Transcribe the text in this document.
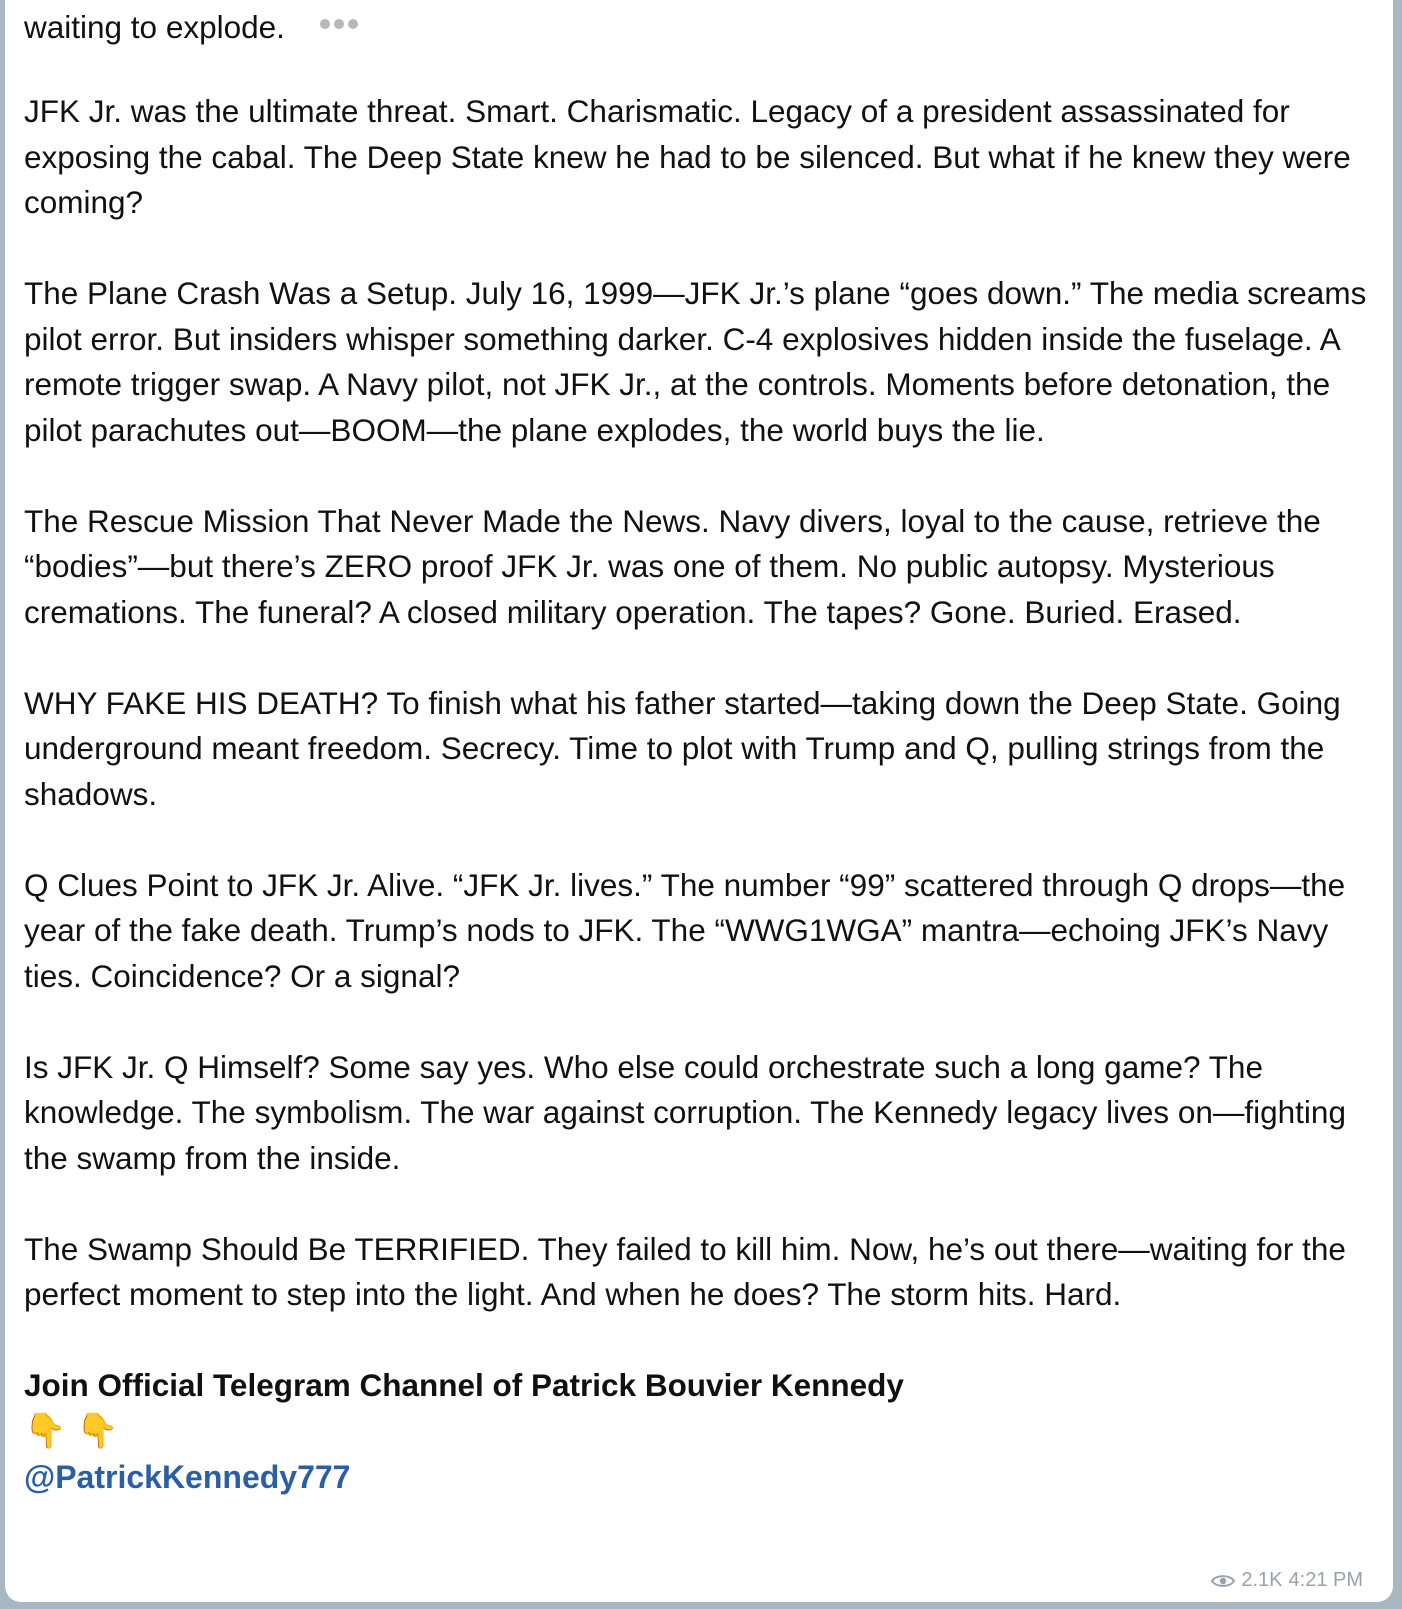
waiting to explode.

JFK Jr. was the ultimate threat. Smart. Charismatic. Legacy of a president assassinated for exposing the cabal. The Deep State knew he had to be silenced. But what if he knew they were coming?

The Plane Crash Was a Setup. July 16, 1999—JFK Jr.’s plane “goes down.” The media screams pilot error. But insiders whisper something darker. C-4 explosives hidden inside the fuselage. A remote trigger swap. A Navy pilot, not JFK Jr., at the controls. Moments before detonation, the pilot parachutes out—BOOM—the plane explodes, the world buys the lie.

The Rescue Mission That Never Made the News. Navy divers, loyal to the cause, retrieve the “bodies”—but there’s ZERO proof JFK Jr. was one of them. No public autopsy. Mysterious cremations. The funeral? A closed military operation. The tapes? Gone. Buried. Erased.

WHY FAKE HIS DEATH? To finish what his father started—taking down the Deep State. Going underground meant freedom. Secrecy. Time to plot with Trump and Q, pulling strings from the shadows.

Q Clues Point to JFK Jr. Alive. “JFK Jr. lives.” The number “99” scattered through Q drops—the year of the fake death. Trump’s nods to JFK. The “WWG1WGA” mantra—echoing JFK’s Navy ties. Coincidence? Or a signal?

Is JFK Jr. Q Himself? Some say yes. Who else could orchestrate such a long game? The knowledge. The symbolism. The war against corruption. The Kennedy legacy lives on—fighting the swamp from the inside.

The Swamp Should Be TERRIFIED. They failed to kill him. Now, he’s out there—waiting for the perfect moment to step into the light. And when he does? The storm hits. Hard.

Join Official Telegram Channel of Patrick Bouvier Kennedy

👇 👇
@PatrickKennedy777
2.1K 4:21 PM
